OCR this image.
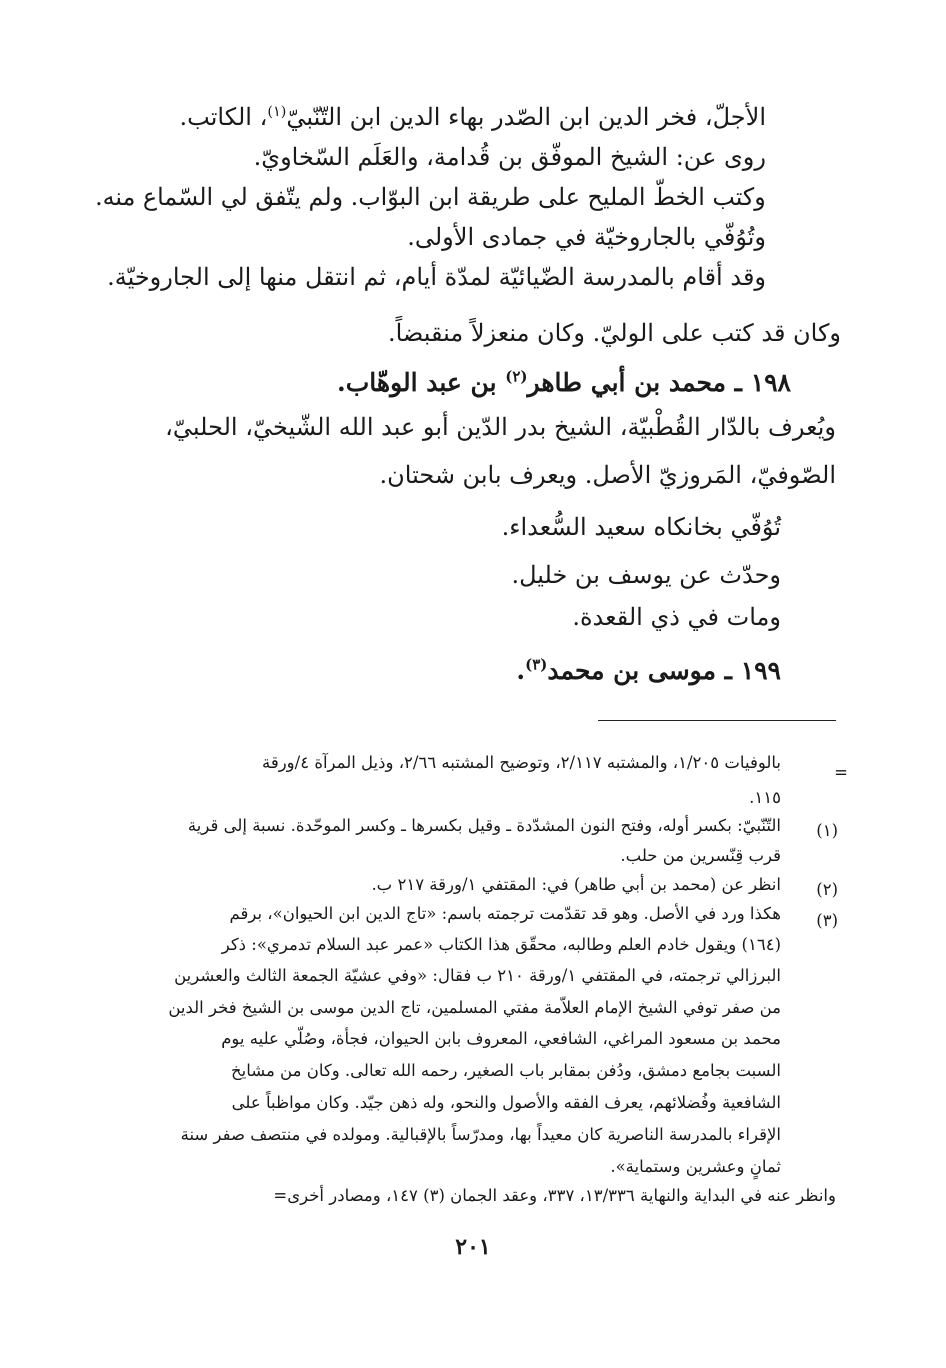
الأجلّ، فخر الدين ابن الصّدر بهاء الدين ابن التّنّبيّ$^{(١)}$، الكاتب.
روى عن: الشيخ الموفّق بن قُدامة، والعَلَم السّخاويّ.
وكتب الخطّ المليح على طريقة ابن البوّاب. ولم يتّفق لي السّماع منه.
وتُوُفّي بالجاروخيّة في جمادى الأولى.
وقد أقام بالمدرسة الضّيائيّة لمدّة أيام، ثم انتقل منها إلى الجاروخيّة.
وكان قد كتب على الوليّ. وكان منعزلاً منقبضاً.
١٩٨ ـ محمد بن أبي طاهر$^{(٢)}$ بن عبد الوهّاب.
ويُعرف بالدّار القُطْبيّة، الشيخ بدر الدّين أبو عبد الله الشّيخيّ، الحلبيّ،
الصّوفيّ، المَروزيّ الأصل. ويعرف بابن شحتان.
تُوُفّي بخانكاه سعيد السُّعداء.
وحدّث عن يوسف بن خليل.
ومات في ذي القعدة.
١٩٩ ـ موسى بن محمد$^{(٣)}$.
=
بالوفيات ١/٢٠٥، والمشتبه ٢/١١٧، وتوضيح المشتبه ٢/٦٦، وذيل المرآة ٤/ورقة
١١٥.
(١)
التّنّبيّ: بكسر أوله، وفتح النون المشدّدة ـ وقيل بكسرها ـ وكسر الموحّدة. نسبة إلى قرية
قرب قِنّسرين من حلب.
(٢)
انظر عن (محمد بن أبي طاهر) في: المقتفي ١/ورقة ٢١٧ ب.
(٣)
هكذا ورد في الأصل. وهو قد تقدّمت ترجمته باسم: «تاج الدين ابن الحيوان»، برقم
(١٦٤) ويقول خادم العلم وطالبه، محقّق هذا الكتاب «عمر عبد السلام تدمري»: ذكر
البرزالي ترجمته، في المقتفي ١/ورقة ٢١٠ ب فقال: «وفي عشيّة الجمعة الثالث والعشرين
من صفر توفي الشيخ الإمام العلاّمة مفتي المسلمين، تاج الدين موسى بن الشيخ فخر الدين
محمد بن مسعود المراغي، الشافعي، المعروف بابن الحيوان، فجأة، وصُلّي عليه يوم
السبت بجامع دمشق، ودُفن بمقابر باب الصغير، رحمه الله تعالى. وكان من مشايخ
الشافعية وفُضلائهم، يعرف الفقه والأصول والنحو، وله ذهن جيّد. وكان مواظباً على
الإقراء بالمدرسة الناصرية كان معيداً بها، ومدرّساً بالإقبالية. ومولده في منتصف صفر سنة
ثمانٍ وعشرين وستماية».
وانظر عنه في البداية والنهاية ١٣/٣٣٦، ٣٣٧، وعقد الجمان (٣) ١٤٧، ومصادر أخرى=
٢٠١
